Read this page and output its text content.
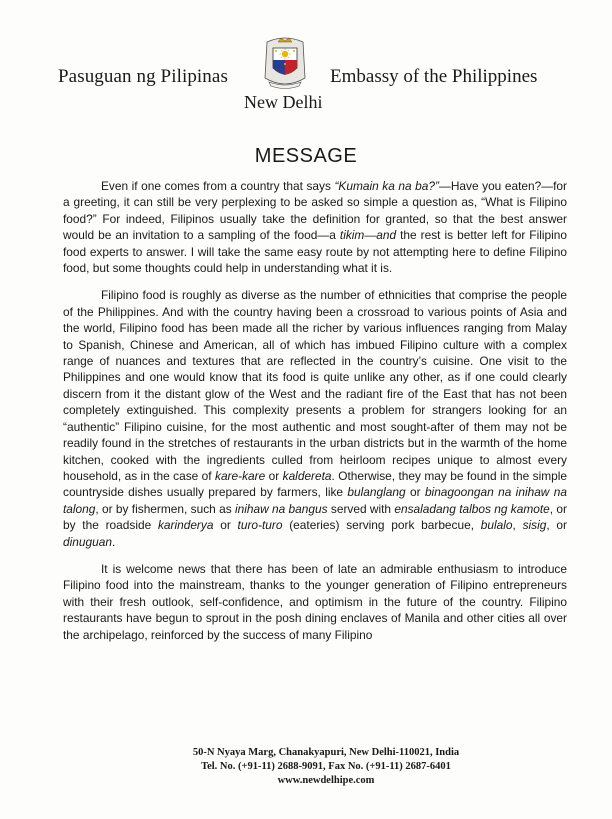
Pasuguan ng Pilipinas	Embassy of the Philippines
New Delhi
MESSAGE

Even if one comes from a country that says “Kumain ka na ba?”—Have you eaten?—for a greeting, it can still be very perplexing to be asked so simple a question as, “What is Filipino food?” For indeed, Filipinos usually take the definition for granted, so that the best answer would be an invitation to a sampling of the food—a tikim—and the rest is better left for Filipino food experts to answer. I will take the same easy route by not attempting here to define Filipino food, but some thoughts could help in understanding what it is.

Filipino food is roughly as diverse as the number of ethnicities that comprise the people of the Philippines. And with the country having been a crossroad to various points of Asia and the world, Filipino food has been made all the richer by various influences ranging from Malay to Spanish, Chinese and American, all of which has imbued Filipino culture with a complex range of nuances and textures that are reflected in the country’s cuisine. One visit to the Philippines and one would know that its food is quite unlike any other, as if one could clearly discern from it the distant glow of the West and the radiant fire of the East that has not been completely extinguished. This complexity presents a problem for strangers looking for an “authentic” Filipino cuisine, for the most authentic and most sought-after of them may not be readily found in the stretches of restaurants in the urban districts but in the warmth of the home kitchen, cooked with the ingredients culled from heirloom recipes unique to almost every household, as in the case of kare-kare or kaldereta. Otherwise, they may be found in the simple countryside dishes usually prepared by farmers, like bulanglang or binagoongan na inihaw na talong, or by fishermen, such as inihaw na bangus served with ensaladang talbos ng kamote, or by the roadside karinderya or turo-turo (eateries) serving pork barbecue, bulalo, sisig, or dinuguan.

It is welcome news that there has been of late an admirable enthusiasm to introduce Filipino food into the mainstream, thanks to the younger generation of Filipino entrepreneurs with their fresh outlook, self-confidence, and optimism in the future of the country. Filipino restaurants have begun to sprout in the posh dining enclaves of Manila and other cities all over the archipelago, reinforced by the success of many Filipino

50-N Nyaya Marg, Chanakyapuri, New Delhi-110021, India
Tel. No. (+91-11) 2688-9091, Fax No. (+91-11) 2687-6401
www.newdelhipe.com
